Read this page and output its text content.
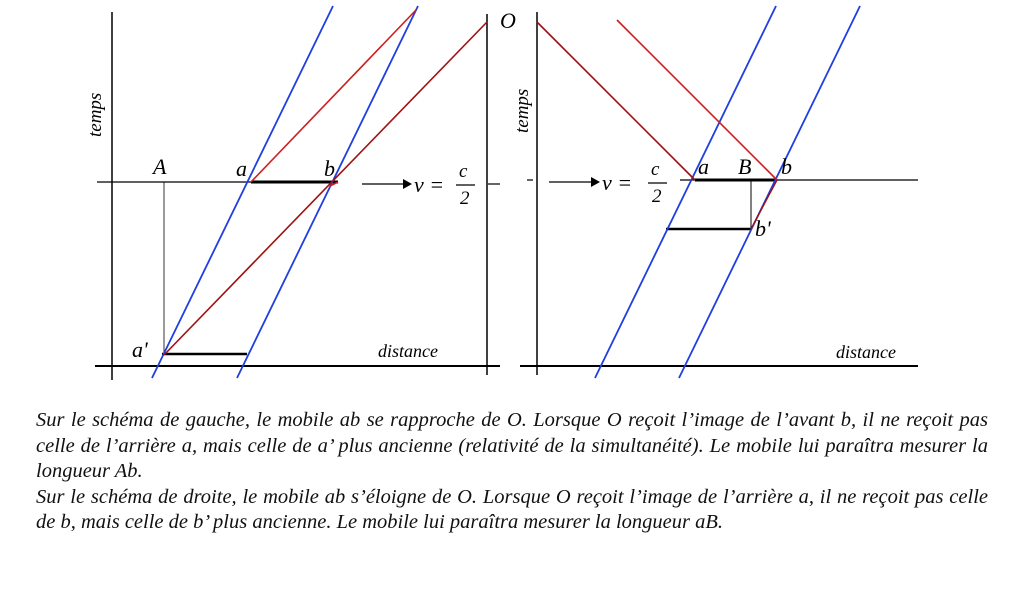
temps
distance
A	a	b
a'
O
v =
c
2
temps
distance
a B b
b'
v =
c
2

Sur le schéma de gauche, le mobile ab se rapproche de O. Lorsque O reçoit l’image de l’avant b, il ne reçoit pas celle de l’arrière a, mais celle de a’ plus ancienne (relativité de la simultanéité). Le mobile lui paraîtra mesurer la longueur Ab.

Sur le schéma de droite, le mobile ab s’éloigne de O. Lorsque O reçoit l’image de l’arrière a, il ne reçoit pas celle de b, mais celle de b’ plus ancienne. Le mobile lui paraîtra mesurer la longueur aB.
